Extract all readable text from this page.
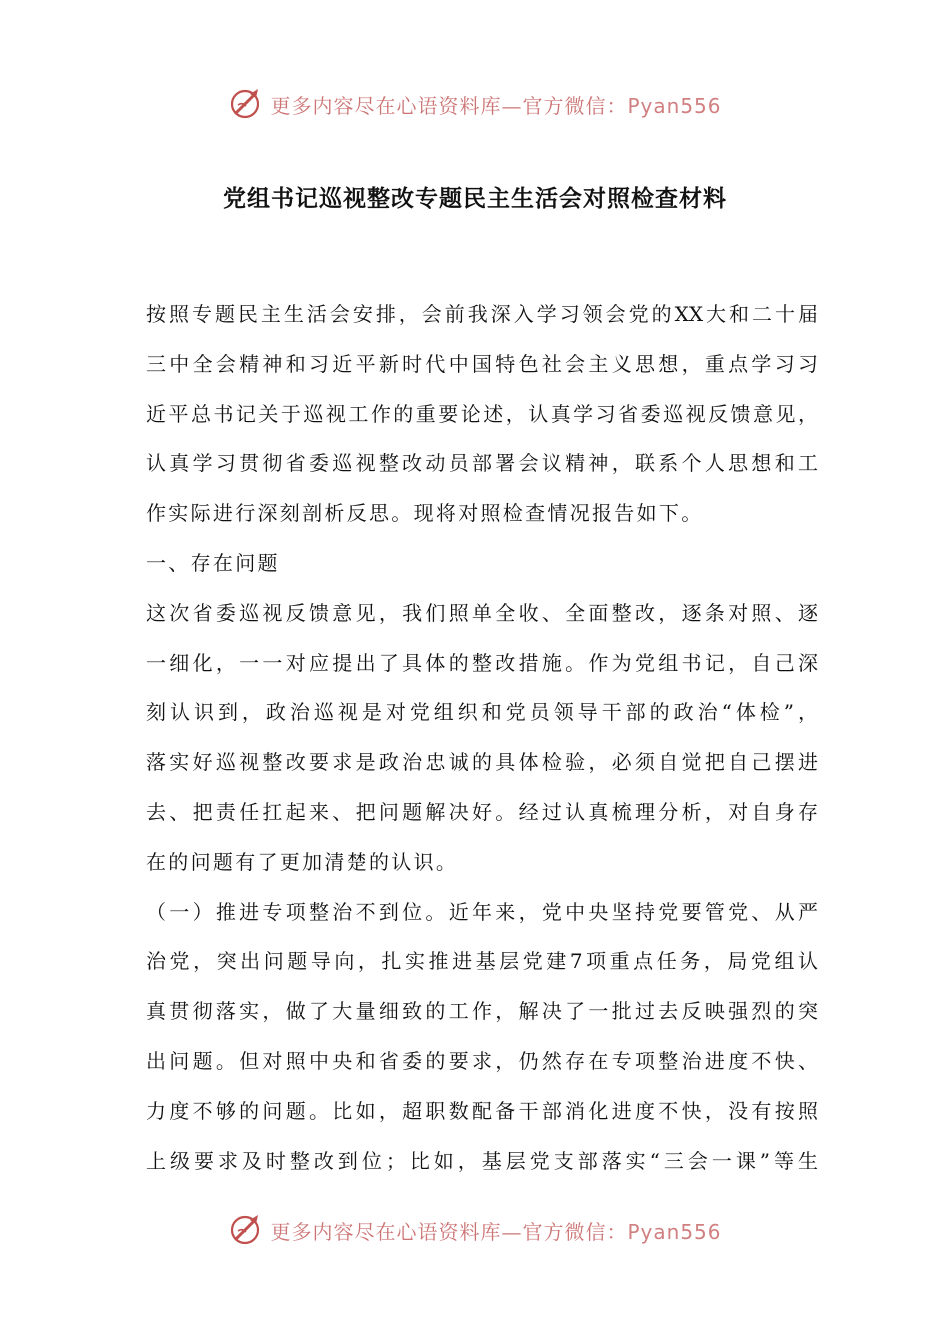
更多内容尽在心语资料库—官方微信：Pyan556
党组书记巡视整改专题民主生活会对照检查材料
按照专题民主生活会安排，会前我深入学习领会党的XX大和二十届
三中全会精神和习近平新时代中国特色社会主义思想，重点学习习
近平总书记关于巡视工作的重要论述，认真学习省委巡视反馈意见，
认真学习贯彻省委巡视整改动员部署会议精神，联系个人思想和工
作实际进行深刻剖析反思。现将对照检查情况报告如下。
一、存在问题
这次省委巡视反馈意见，我们照单全收、全面整改，逐条对照、逐
一细化，一一对应提出了具体的整改措施。作为党组书记，自己深
刻认识到，政治巡视是对党组织和党员领导干部的政治“体检”，
落实好巡视整改要求是政治忠诚的具体检验，必须自觉把自己摆进
去、把责任扛起来、把问题解决好。经过认真梳理分析，对自身存
在的问题有了更加清楚的认识。
（一）推进专项整治不到位。近年来，党中央坚持党要管党、从严
治党，突出问题导向，扎实推进基层党建7项重点任务，局党组认
真贯彻落实，做了大量细致的工作，解决了一批过去反映强烈的突
出问题。但对照中央和省委的要求，仍然存在专项整治进度不快、
力度不够的问题。比如，超职数配备干部消化进度不快，没有按照
上级要求及时整改到位；比如，基层党支部落实“三会一课”等生
更多内容尽在心语资料库—官方微信：Pyan556
